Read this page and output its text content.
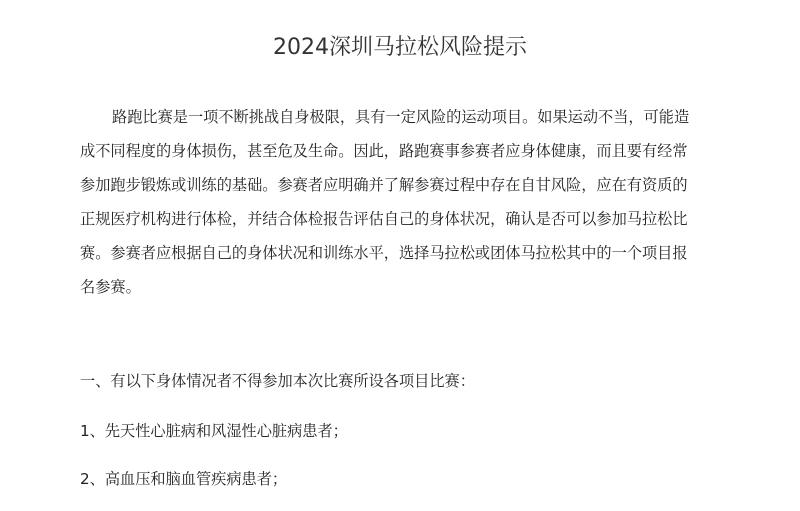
2024深圳马拉松风险提示

路跑比赛是一项不断挑战自身极限，具有一定风险的运动项目。如果运动不当，可能造
成不同程度的身体损伤，甚至危及生命。因此，路跑赛事参赛者应身体健康，而且要有经常
参加跑步锻炼或训练的基础。参赛者应明确并了解参赛过程中存在自甘风险，应在有资质的
正规医疗机构进行体检，并结合体检报告评估自己的身体状况，确认是否可以参加马拉松比
赛。参赛者应根据自己的身体状况和训练水平，选择马拉松或团体马拉松其中的一个项目报
名参赛。

一、有以下身体情况者不得参加本次比赛所设各项目比赛：

1、先天性心脏病和风湿性心脏病患者；

2、高血压和脑血管疾病患者；
